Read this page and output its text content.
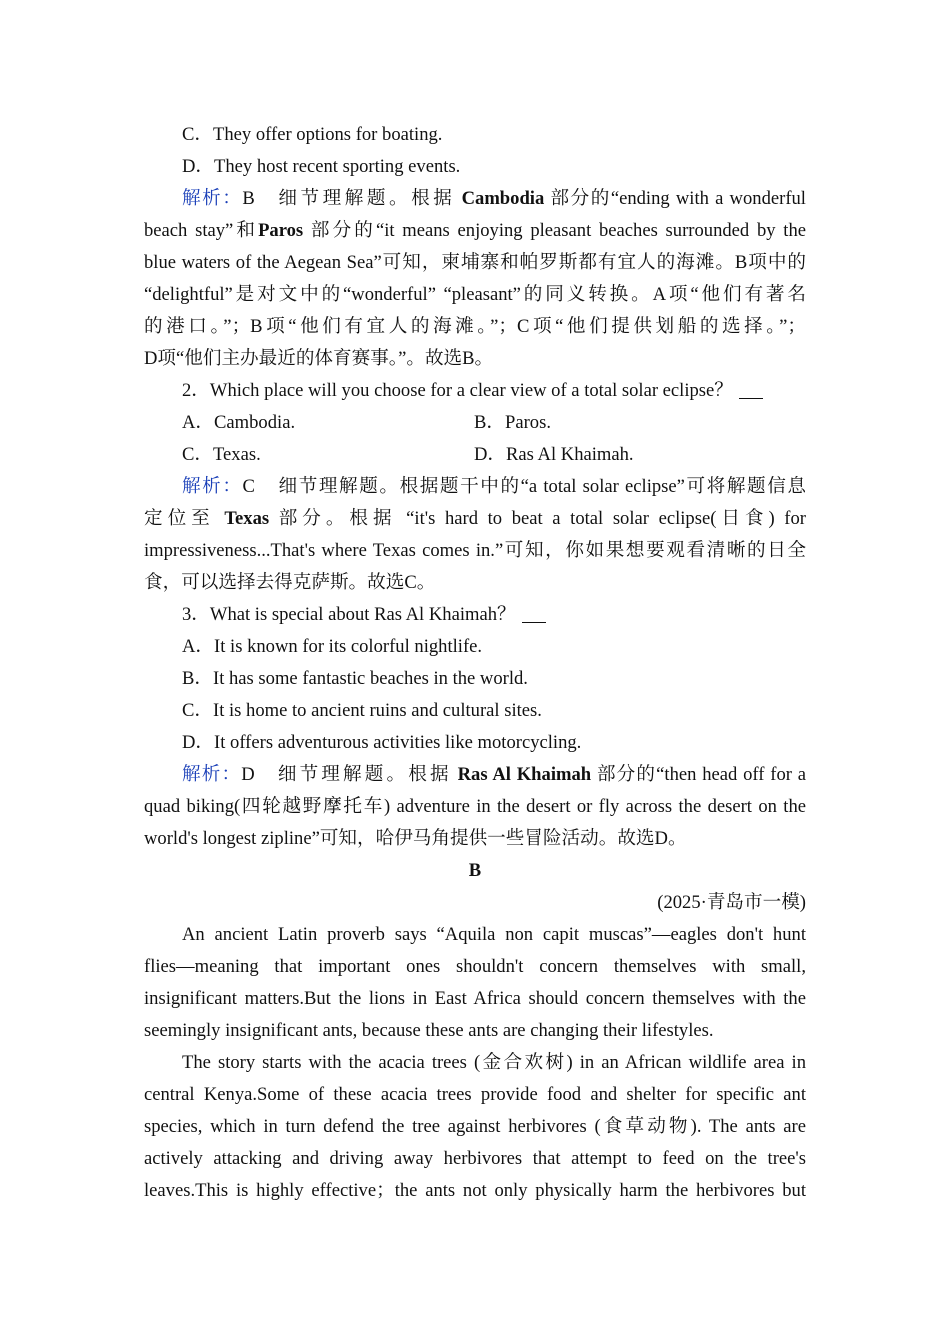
C．They offer options for boating.
D．They host recent sporting events.
解析：B 细节理解题。根据 Cambodia 部分的“ending with a wonderful
beach stay”和Paros 部分的“it means enjoying pleasant beaches surrounded by the
blue waters of the Aegean Sea”可知，柬埔寨和帕罗斯都有宜人的海滩。B项中的
“delightful”是对文中的“wonderful” “pleasant”的同义转换。A项“他们有著名
的港口。”；B项“他们有宜人的海滩。”；C项“他们提供划船的选择。”；
D项“他们主办最近的体育赛事。”。故选B。
2．Which place will you choose for a clear view of a total solar eclipse？
A．Cambodia.	B．Paros.
C．Texas.	D．Ras Al Khaimah.
解析：C 细节理解题。根据题干中的“a total solar eclipse”可将解题信息
定位至 Texas 部分。根据 “it's hard to beat a total solar eclipse(日食) for
impressiveness...That's where Texas comes in.”可知，你如果想要观看清晰的日全
食，可以选择去得克萨斯。故选C。
3．What is special about Ras Al Khaimah？
A．It is known for its colorful nightlife.
B．It has some fantastic beaches in the world.
C．It is home to ancient ruins and cultural sites.
D．It offers adventurous activities like motorcycling.
解析：D 细节理解题。根据 Ras Al Khaimah 部分的“then head off for a
quad biking(四轮越野摩托车) adventure in the desert or fly across the desert on the
world's longest zipline”可知，哈伊马角提供一些冒险活动。故选D。
B
(2025·青岛市一模)
An ancient Latin proverb says “Aquila non capit muscas”—eagles don't hunt
flies—meaning that important ones shouldn't concern themselves with small,
insignificant matters.But the lions in East Africa should concern themselves with the
seemingly insignificant ants, because these ants are changing their lifestyles.
The story starts with the acacia trees (金合欢树) in an African wildlife area in
central Kenya.Some of these acacia trees provide food and shelter for specific ant
species, which in turn defend the tree against herbivores (食草动物). The ants are
actively attacking and driving away herbivores that attempt to feed on the tree's
leaves.This is highly effective；the ants not only physically harm the herbivores but
